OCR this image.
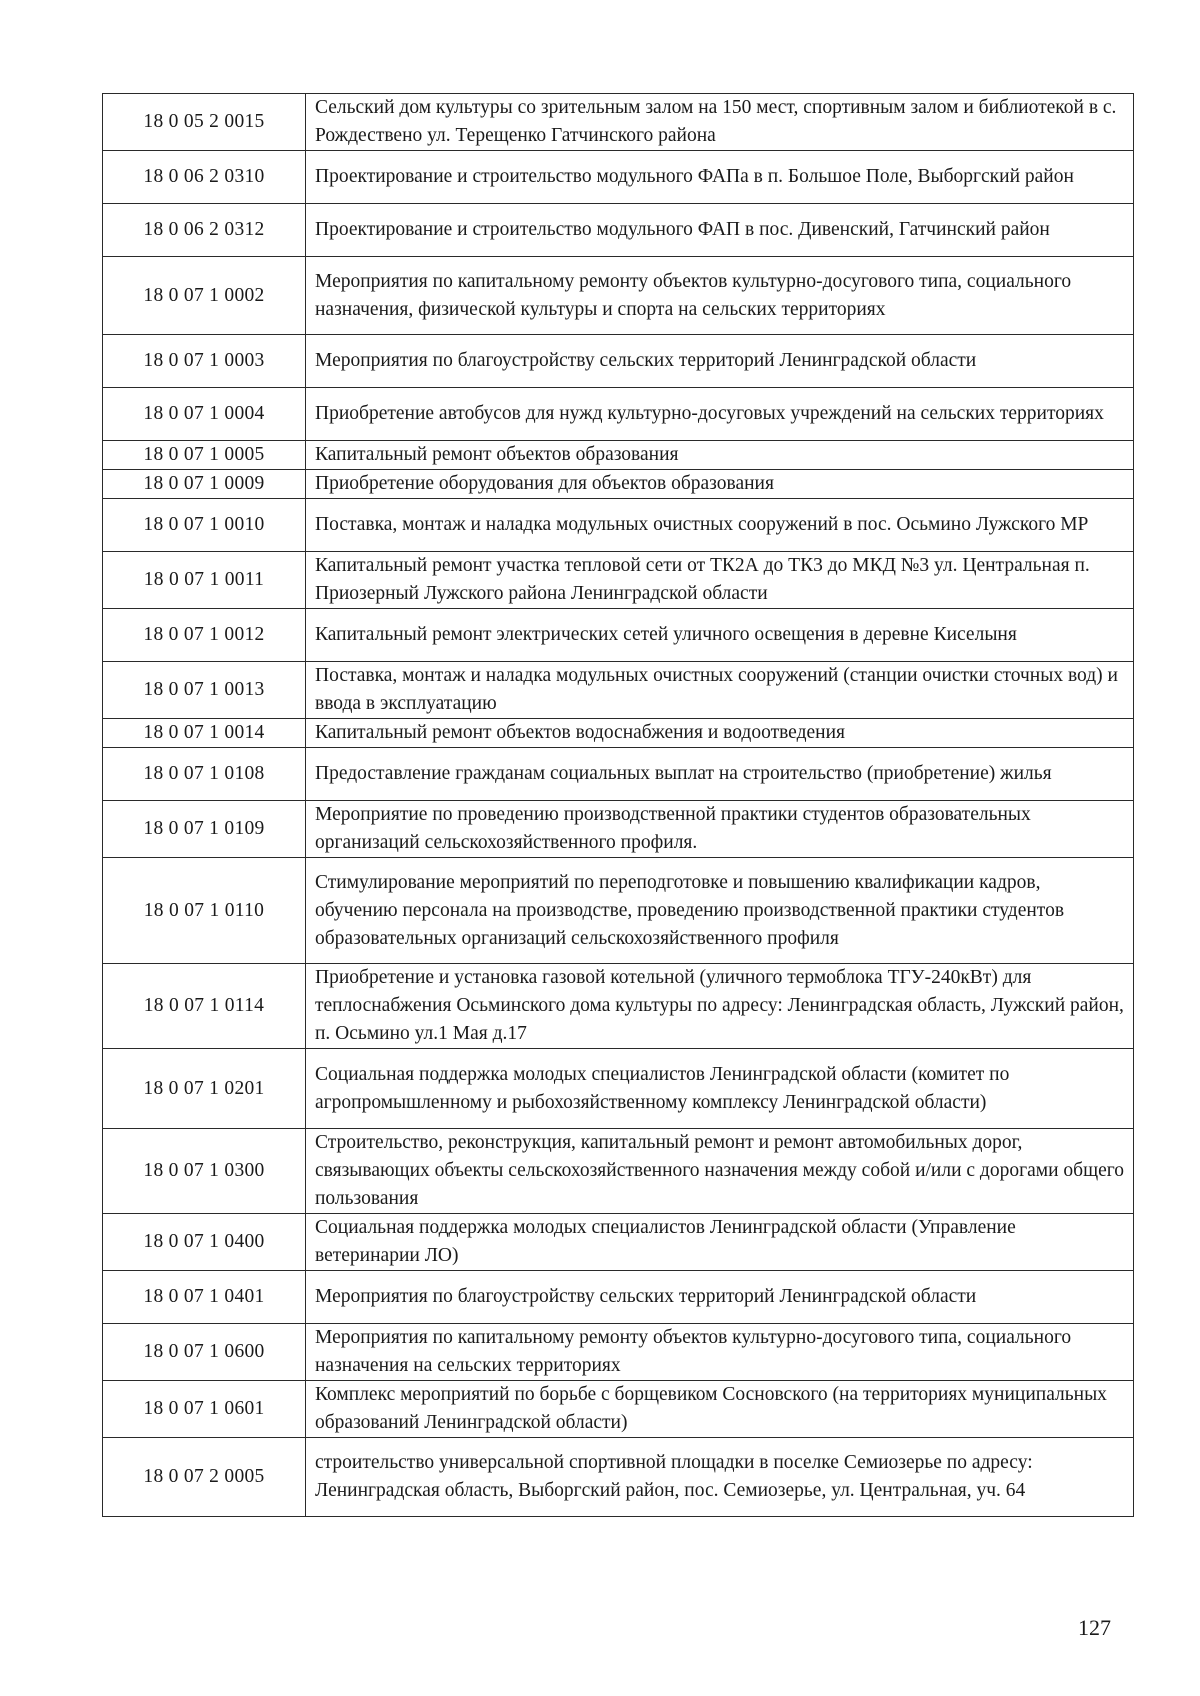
18 0 05 2 0015	Сельский дом культуры со зрительным залом на 150 мест, спортивным залом и библиотекой в с. Рождествено ул. Терещенко Гатчинского района
18 0 06 2 0310	Проектирование и строительство модульного ФАПа в п. Большое Поле, Выборгский район
18 0 06 2 0312	Проектирование и строительство модульного ФАП в пос. Дивенский, Гатчинский район
18 0 07 1 0002	Мероприятия по капитальному ремонту объектов культурно-досугового типа, социального назначения, физической культуры и спорта на сельских территориях
18 0 07 1 0003	Мероприятия по благоустройству сельских территорий Ленинградской области
18 0 07 1 0004	Приобретение автобусов для нужд культурно-досуговых учреждений на сельских территориях
18 0 07 1 0005	Капитальный ремонт объектов образования
18 0 07 1 0009	Приобретение оборудования для объектов образования
18 0 07 1 0010	Поставка, монтаж и наладка модульных очистных сооружений в пос. Осьмино Лужского МР
18 0 07 1 0011	Капитальный ремонт участка тепловой сети от ТК2А до ТК3 до МКД №3 ул. Центральная п. Приозерный Лужского района Ленинградской области
18 0 07 1 0012	Капитальный ремонт электрических сетей уличного освещения в деревне Киселыня
18 0 07 1 0013	Поставка, монтаж и наладка модульных очистных сооружений (станции очистки сточных вод) и ввода в эксплуатацию
18 0 07 1 0014	Капитальный ремонт объектов водоснабжения и водоотведения
18 0 07 1 0108	Предоставление гражданам социальных выплат на строительство (приобретение) жилья
18 0 07 1 0109	Мероприятие по проведению производственной практики студентов образовательных организаций сельскохозяйственного профиля.
18 0 07 1 0110	Стимулирование мероприятий по переподготовке и повышению квалификации кадров, обучению персонала на производстве, проведению производственной практики студентов образовательных организаций сельскохозяйственного профиля
18 0 07 1 0114	Приобретение и установка газовой котельной (уличного термоблока ТГУ-240кВт) для теплоснабжения Осьминского дома культуры по адресу: Ленинградская область, Лужский район, п. Осьмино ул.1 Мая д.17
18 0 07 1 0201	Социальная поддержка молодых специалистов Ленинградской области (комитет по агропромышленному и рыбохозяйственному комплексу Ленинградской области)
18 0 07 1 0300	Строительство, реконструкция, капитальный ремонт и ремонт автомобильных дорог, связывающих объекты сельскохозяйственного назначения между собой и/или с дорогами общего пользования
18 0 07 1 0400	Социальная поддержка молодых специалистов Ленинградской области (Управление ветеринарии ЛО)
18 0 07 1 0401	Мероприятия по благоустройству сельских территорий Ленинградской области
18 0 07 1 0600	Мероприятия по капитальному ремонту объектов культурно-досугового типа, социального назначения на сельских территориях
18 0 07 1 0601	Комплекс мероприятий по борьбе с борщевиком Сосновского (на территориях муниципальных образований Ленинградской области)
18 0 07 2 0005	строительство универсальной спортивной площадки в поселке Семиозерье по адресу: Ленинградская область, Выборгский район, пос. Семиозерье, ул. Центральная, уч. 64
127
